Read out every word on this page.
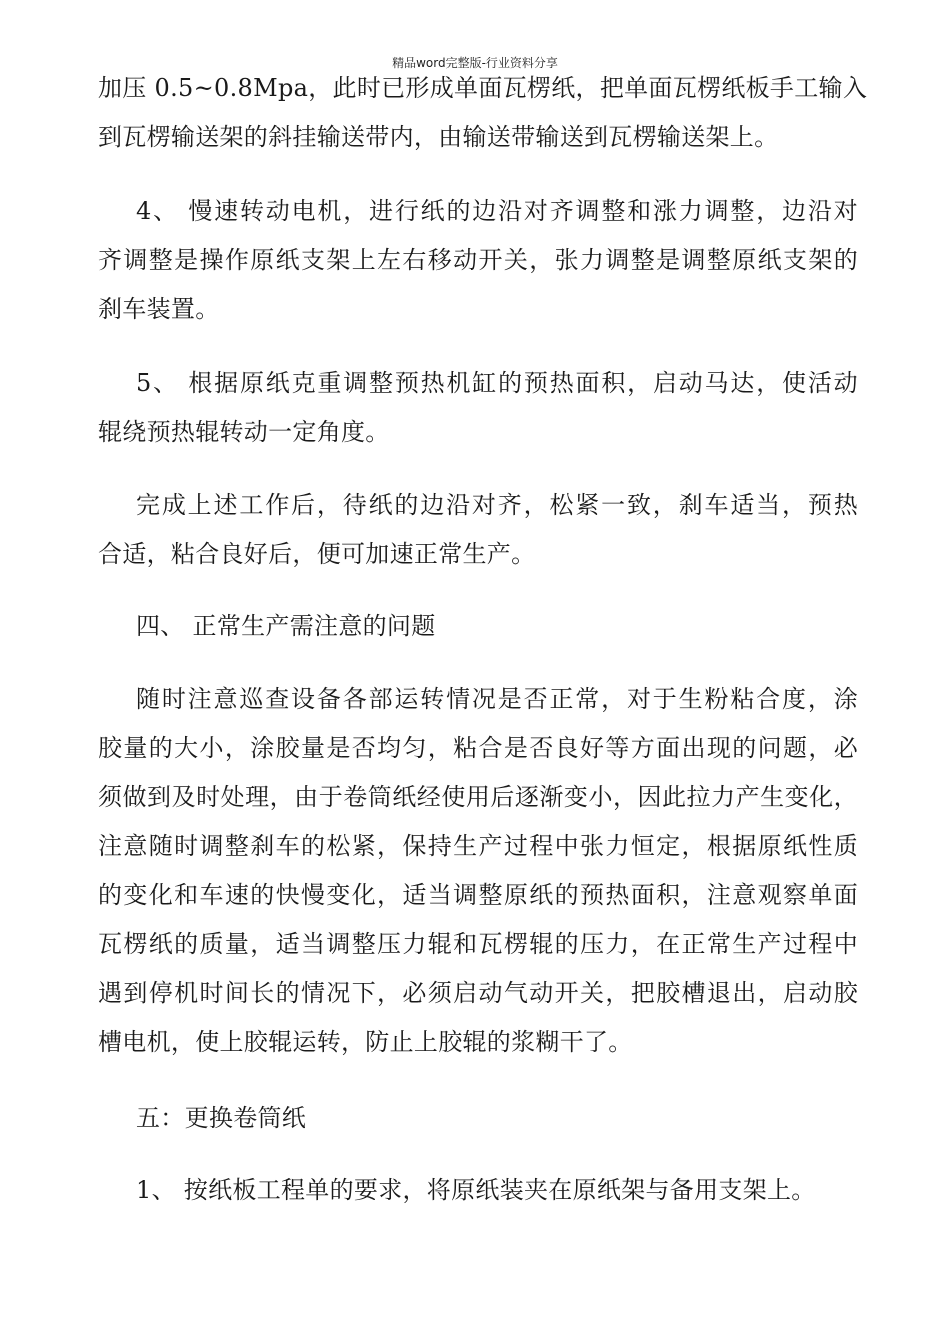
精品word完整版-行业资料分享
加压 0.5~0.8Mpa，此时已形成单面瓦楞纸，把单面瓦楞纸板手工输入
到瓦楞输送架的斜挂输送带内，由输送带输送到瓦楞输送架上。
4、 慢速转动电机，进行纸的边沿对齐调整和涨力调整，边沿对
齐调整是操作原纸支架上左右移动开关，张力调整是调整原纸支架的
刹车装置。
5、 根据原纸克重调整预热机缸的预热面积，启动马达，使活动
辊绕预热辊转动一定角度。
完成上述工作后，待纸的边沿对齐，松紧一致，刹车适当，预热
合适，粘合良好后，便可加速正常生产。
四、 正常生产需注意的问题
随时注意巡查设备各部运转情况是否正常，对于生粉粘合度，涂
胶量的大小，涂胶量是否均匀，粘合是否良好等方面出现的问题，必
须做到及时处理，由于卷筒纸经使用后逐渐变小，因此拉力产生变化，
注意随时调整刹车的松紧，保持生产过程中张力恒定，根据原纸性质
的变化和车速的快慢变化，适当调整原纸的预热面积，注意观察单面
瓦楞纸的质量，适当调整压力辊和瓦楞辊的压力，在正常生产过程中
遇到停机时间长的情况下，必须启动气动开关，把胶槽退出，启动胶
槽电机，使上胶辊运转，防止上胶辊的浆糊干了。
五：更换卷筒纸
1、 按纸板工程单的要求，将原纸装夹在原纸架与备用支架上。
